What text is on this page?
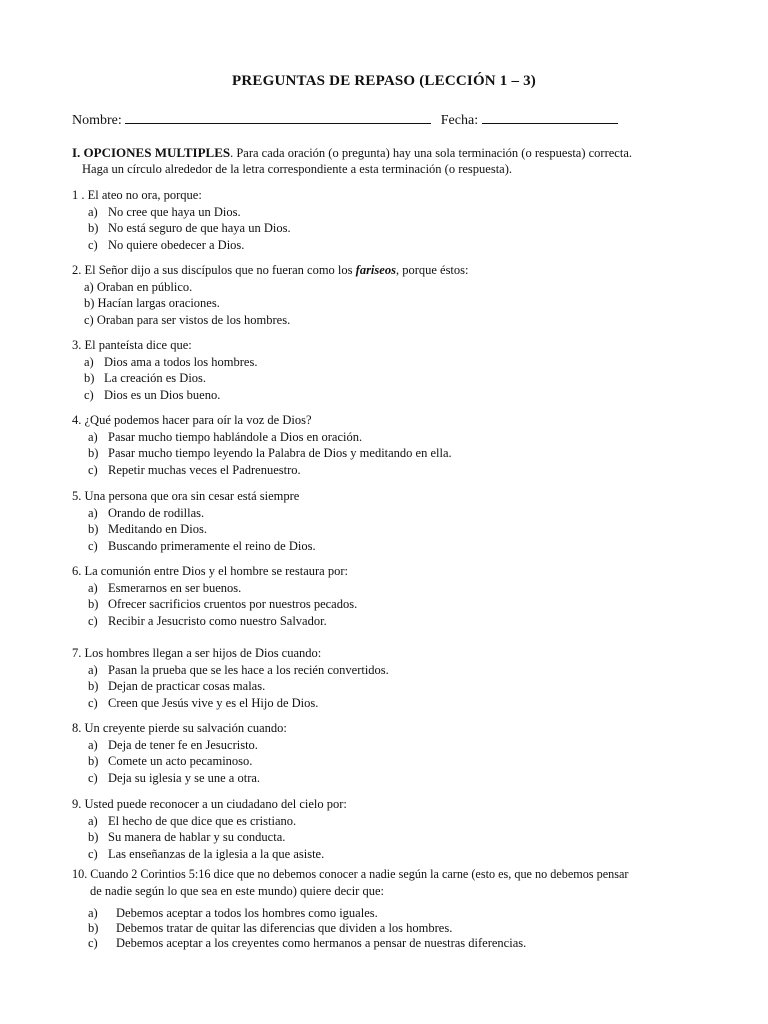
PREGUNTAS DE REPASO (LECCIÓN 1 – 3)
Nombre:	Fecha:
I. OPCIONES MULTIPLES. Para cada oración (o pregunta) hay una sola terminación (o respuesta) correcta.
Haga un círculo alrededor de la letra correspondiente a esta terminación (o respuesta).
1 . El ateo no ora, porque:
a) No cree que haya un Dios.
b) No está seguro de que haya un Dios.
c) No quiere obedecer a Dios.
2. El Señor dijo a sus discípulos que no fueran como los fariseos, porque éstos:
a) Oraban en público.
b) Hacían largas oraciones.
c) Oraban para ser vistos de los hombres.
3. El panteísta dice que:
a) Dios ama a todos los hombres.
b) La creación es Dios.
c) Dios es un Dios bueno.
4. ¿Qué podemos hacer para oír la voz de Dios?
a) Pasar mucho tiempo hablándole a Dios en oración.
b) Pasar mucho tiempo leyendo la Palabra de Dios y meditando en ella.
c) Repetir muchas veces el Padrenuestro.
5. Una persona que ora sin cesar está siempre
a) Orando de rodillas.
b) Meditando en Dios.
c) Buscando primeramente el reino de Dios.
6. La comunión entre Dios y el hombre se restaura por:
a) Esmerarnos en ser buenos.
b) Ofrecer sacrificios cruentos por nuestros pecados.
c) Recibir a Jesucristo como nuestro Salvador.
7. Los hombres llegan a ser hijos de Dios cuando:
a) Pasan la prueba que se les hace a los recién convertidos.
b) Dejan de practicar cosas malas.
c) Creen que Jesús vive y es el Hijo de Dios.
8. Un creyente pierde su salvación cuando:
a) Deja de tener fe en Jesucristo.
b) Comete un acto pecaminoso.
c) Deja su iglesia y se une a otra.
9. Usted puede reconocer a un ciudadano del cielo por:
a) El hecho de que dice que es cristiano.
b) Su manera de hablar y su conducta.
c) Las enseñanzas de la iglesia a la que asiste.
10. Cuando 2 Corintios 5:16 dice que no debemos conocer a nadie según la carne (esto es, que no debemos pensar
de nadie según lo que sea en este mundo) quiere decir que:
a) Debemos aceptar a todos los hombres como iguales.
b) Debemos tratar de quitar las diferencias que dividen a los hombres.
c) Debemos aceptar a los creyentes como hermanos a pensar de nuestras diferencias.
